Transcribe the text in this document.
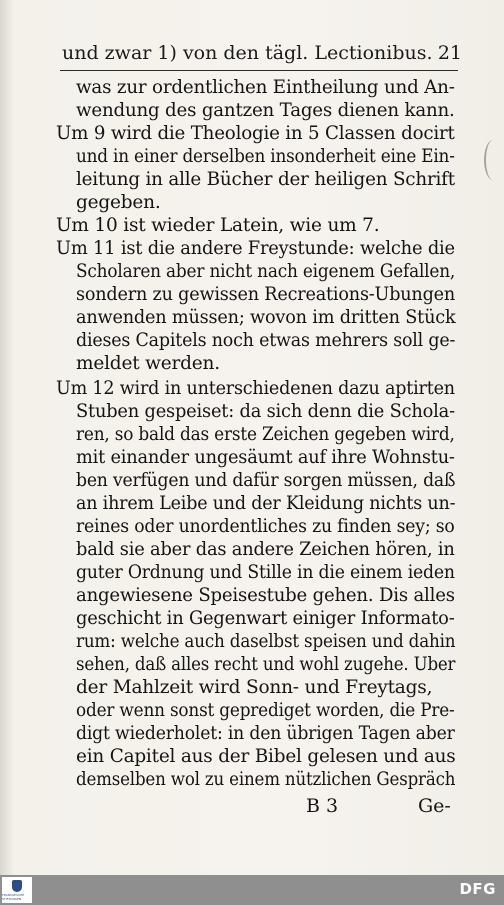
und zwar 1) von den tägl. Lectionibus. 21
was zur ordentlichen Eintheilung und An-
wendung des gantzen Tages dienen kann.
Um 9 wird die Theologie in 5 Classen docirt
und in einer derselben insonderheit eine Ein-
leitung in alle Bücher der heiligen Schrift
gegeben.
Um 10 ist wieder Latein, wie um 7.
Um 11 ist die andere Freystunde: welche die
Scholaren aber nicht nach eigenem Gefallen,
sondern zu gewissen Recreations-Ubungen
anwenden müssen; wovon im dritten Stück
dieses Capitels noch etwas mehrers soll ge-
meldet werden.
Um 12 wird in unterschiedenen dazu aptirten
Stuben gespeiset: da sich denn die Schola-
ren, so bald das erste Zeichen gegeben wird,
mit einander ungesäumt auf ihre Wohnstu-
ben verfügen und dafür sorgen müssen, daß
an ihrem Leibe und der Kleidung nichts un-
reines oder unordentliches zu finden sey; so
bald sie aber das andere Zeichen hören, in
guter Ordnung und Stille in die einem ieden
angewiesene Speisestube gehen. Dis alles
geschicht in Gegenwart einiger Informato-
rum: welche auch daselbst speisen und dahin
sehen, daß alles recht und wohl zugehe. Uber
der Mahlzeit wird Sonn- und Freytags,
oder wenn sonst geprediget worden, die Pre-
digt wiederholet: in den übrigen Tagen aber
ein Capitel aus der Bibel gelesen und aus
demselben wol zu einem nützlichen Gespräch
B 3	Ge-
FRANCKESCHE STIFTUNGEN
DFG
